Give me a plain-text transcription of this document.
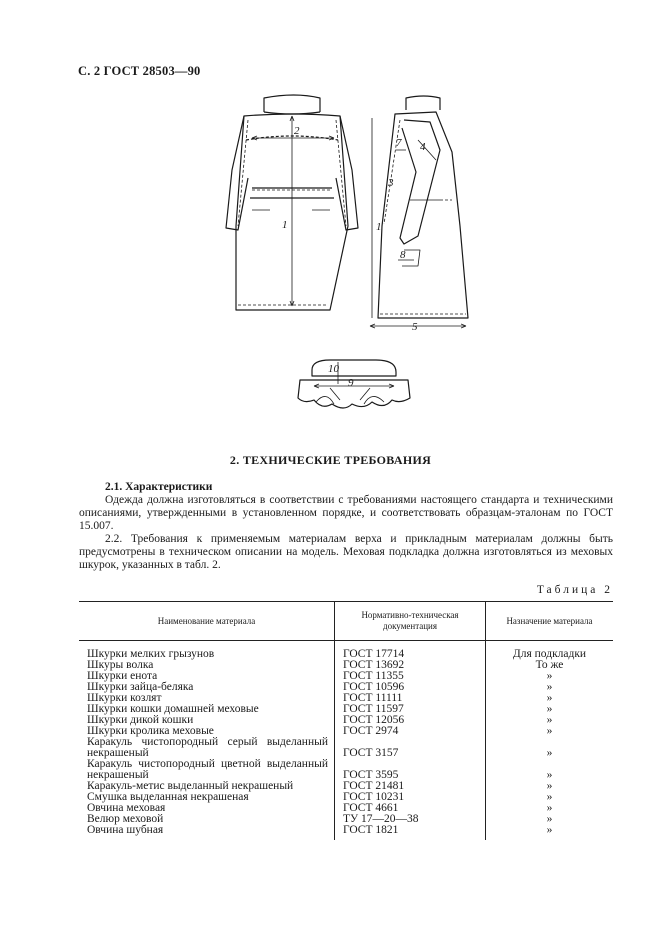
С. 2 ГОСТ 28503—90
2
1
5
3
4
1
7
8
9
10
2. ТЕХНИЧЕСКИЕ ТРЕБОВАНИЯ
2.1. Характеристики

Одежда должна изготовляться в соответствии с требованиями настоящего стандарта и техническими описаниями, утвержденными в установленном порядке, и соответствовать образцам-эталонам по ГОСТ 15.007.

2.2. Требования к применяемым материалам верха и прикладным материалам должны быть предусмотрены в техническом описании на модель. Меховая подкладка должна изготовляться из меховых шкурок, указанных в табл. 2.

Таблица 2
Наименование материала	Нормативно-техническая документация	Назначение материала
Шкурки мелких грызунов	ГОСТ 17714	Для подкладки
Шкуры волка	ГОСТ 13692	То же
Шкурки енота	ГОСТ 11355	»
Шкурки зайца-беляка	ГОСТ 10596	»
Шкурки козлят	ГОСТ 11111	»
Шкурки кошки домашней меховые	ГОСТ 11597	»
Шкурки дикой кошки	ГОСТ 12056	»
Шкурки кролика меховые	ГОСТ 2974	»
Каракуль чистопородный серый выделанный некрашеный	ГОСТ 3157	»
Каракуль чистопородный цветной выделанный некрашеный	ГОСТ 3595	»
Каракуль-метис выделанный некрашеный	ГОСТ 21481	»
Смушка выделанная некрашеная	ГОСТ 10231	»
Овчина меховая	ГОСТ 4661	»
Велюр меховой	ТУ 17—20—38	»
Овчина шубная	ГОСТ 1821	»
